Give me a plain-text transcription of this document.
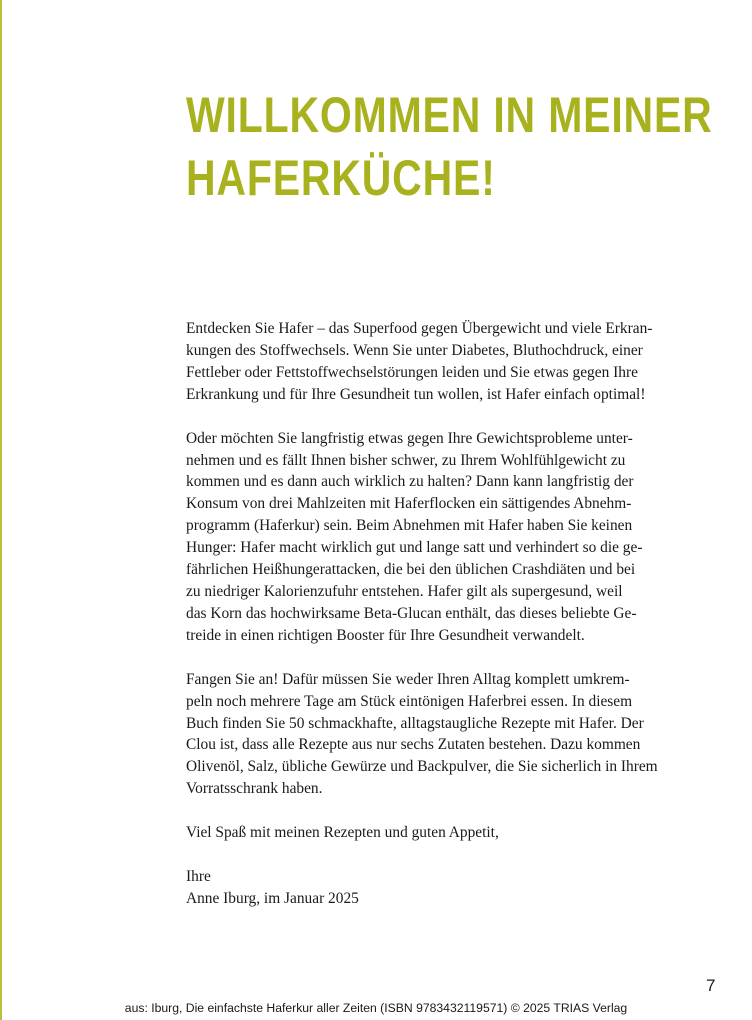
WILLKOMMEN IN MEINER
HAFERKÜCHE!

Entdecken Sie Hafer – das Superfood gegen Übergewicht und viele Erkran-
kungen des Stoffwechsels. Wenn Sie unter Diabetes, Bluthochdruck, einer
Fettleber oder Fettstoffwechselstörungen leiden und Sie etwas gegen Ihre
Erkrankung und für Ihre Gesundheit tun wollen, ist Hafer einfach optimal!

Oder möchten Sie langfristig etwas gegen Ihre Gewichtsprobleme unter-
nehmen und es fällt Ihnen bisher schwer, zu Ihrem Wohlfühlgewicht zu
kommen und es dann auch wirklich zu halten? Dann kann langfristig der
Konsum von drei Mahlzeiten mit Haferflocken ein sättigendes Abnehm-
programm (Haferkur) sein. Beim Abnehmen mit Hafer haben Sie keinen
Hunger: Hafer macht wirklich gut und lange satt und verhindert so die ge-
fährlichen Heißhungerattacken, die bei den üblichen Crashdiäten und bei
zu niedriger Kalorienzufuhr entstehen. Hafer gilt als supergesund, weil
das Korn das hochwirksame Beta-Glucan enthält, das dieses beliebte Ge-
treide in einen richtigen Booster für Ihre Gesundheit verwandelt.

Fangen Sie an! Dafür müssen Sie weder Ihren Alltag komplett umkrem-
peln noch mehrere Tage am Stück eintönigen Haferbrei essen. In diesem
Buch finden Sie 50 schmackhafte, alltagstaugliche Rezepte mit Hafer. Der
Clou ist, dass alle Rezepte aus nur sechs Zutaten bestehen. Dazu kommen
Olivenöl, Salz, übliche Gewürze und Backpulver, die Sie sicherlich in Ihrem
Vorratsschrank haben.

Viel Spaß mit meinen Rezepten und guten Appetit,

Ihre
Anne Iburg, im Januar 2025

7
aus: Iburg, Die einfachste Haferkur aller Zeiten (ISBN 9783432119571) © 2025 TRIAS Verlag
